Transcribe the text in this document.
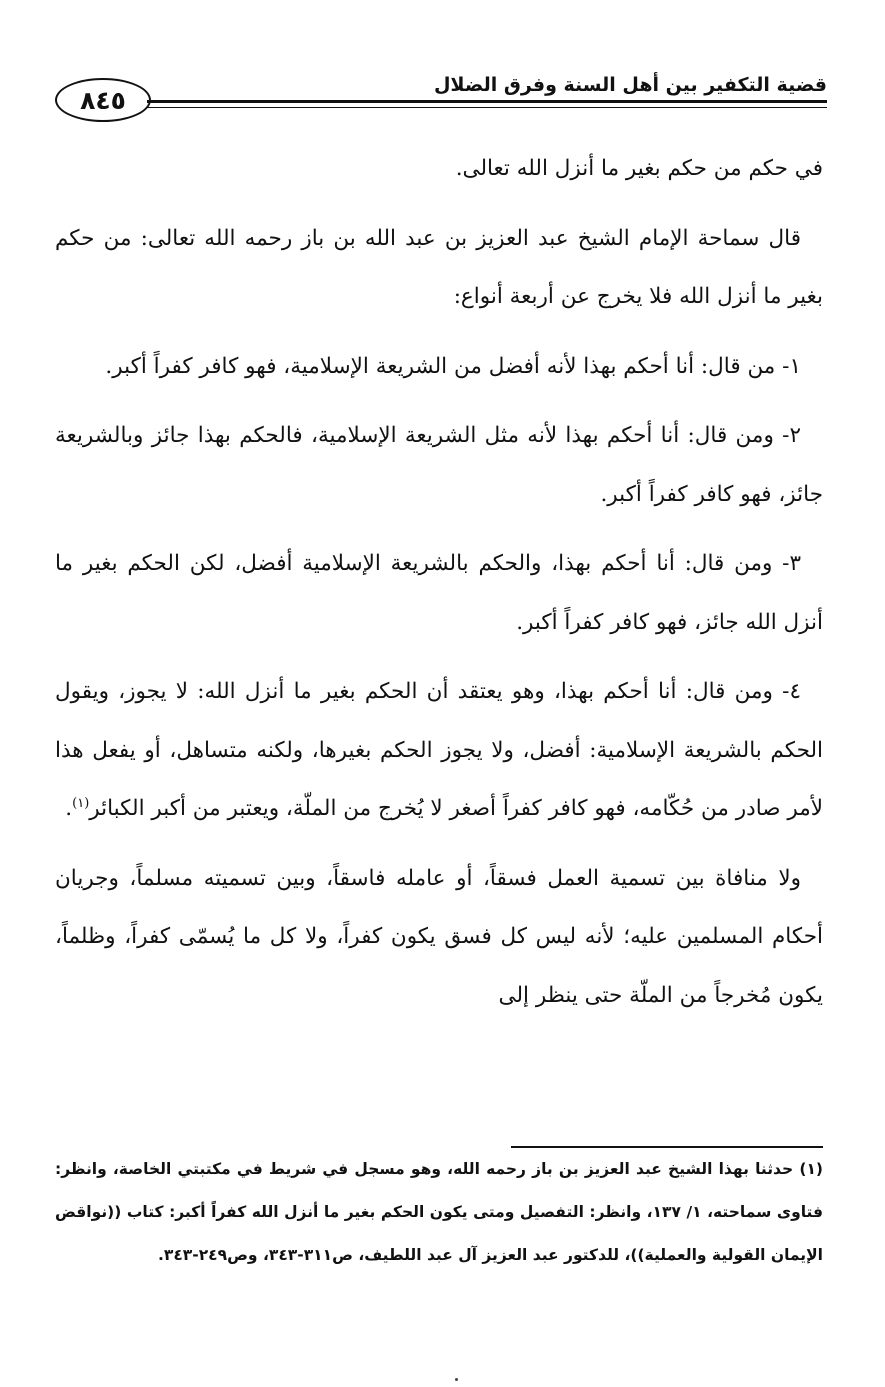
قضية التكفير بين أهل السنة وفرق الضلال
٨٤٥

في حكم من حكم بغير ما أنزل الله تعالى.

قال سماحة الإمام الشيخ عبد العزيز بن عبد الله بن باز رحمه الله تعالى: من حكم بغير ما أنزل الله فلا يخرج عن أربعة أنواع:

١- من قال: أنا أحكم بهذا لأنه أفضل من الشريعة الإسلامية، فهو كافر كفراً أكبر.

٢- ومن قال: أنا أحكم بهذا لأنه مثل الشريعة الإسلامية، فالحكم بهذا جائز وبالشريعة جائز، فهو كافر كفراً أكبر.

٣- ومن قال: أنا أحكم بهذا، والحكم بالشريعة الإسلامية أفضل، لكن الحكم بغير ما أنزل الله جائز، فهو كافر كفراً أكبر.

٤- ومن قال: أنا أحكم بهذا، وهو يعتقد أن الحكم بغير ما أنزل الله: لا يجوز، ويقول الحكم بالشريعة الإسلامية: أفضل، ولا يجوز الحكم بغيرها، ولكنه متساهل، أو يفعل هذا لأمر صادر من حُكّامه، فهو كافر كفراً أصغر لا يُخرج من الملّة، ويعتبر من أكبر الكبائر$^{(١)}$.

ولا منافاة بين تسمية العمل فسقاً، أو عامله فاسقاً، وبين تسميته مسلماً، وجريان أحكام المسلمين عليه؛ لأنه ليس كل فسق يكون كفراً، ولا كل ما يُسمّى كفراً، وظلماً، يكون مُخرجاً من الملّة حتى ينظر إلى

(١) حدثنا بهذا الشيخ عبد العزيز بن باز رحمه الله، وهو مسجل في شريط في مكتبتي الخاصة، وانظر: فتاوى سماحته، ١/ ١٣٧، وانظر: التفصيل ومتى يكون الحكم بغير ما أنزل الله كفراً أكبر: كتاب ((نواقض الإيمان القولية والعملية))، للدكتور عبد العزيز آل عبد اللطيف، ص٣١١-٣٤٣، وص٢٤٩-٣٤٣.
